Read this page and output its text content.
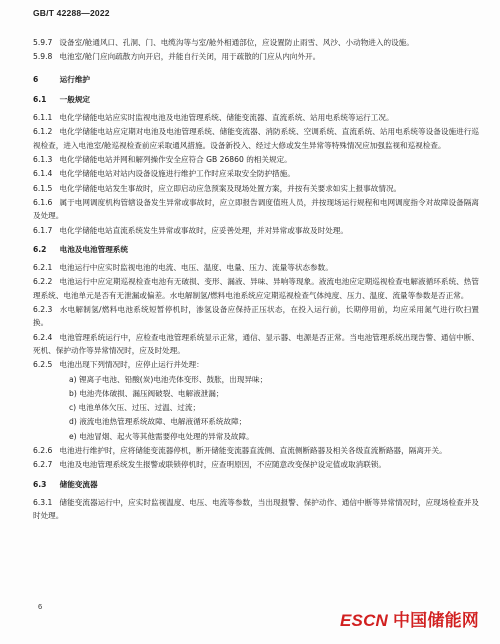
GB/T 42288—2022
5.9.7 设备室/舱通风口、孔洞、门、电缆沟等与室/舱外相通部位，应设置防止雨雪、风沙、小动物进入的设施。
5.9.8 电池室/舱门应向疏散方向开启，并能自行关闭，用于疏散的门应从内向外开。
6	运行维护
6.1 一般规定
6.1.1 电化学储能电站应实时监视电池及电池管理系统、储能变流器、直流系统、站用电系统等运行工况。
6.1.2 电化学储能电站应定期对电池及电池管理系统、储能变流器、消防系统、空调系统、直流系统、站用电系统等设备设施进行巡视检查，进入电池室/舱巡视检查前应采取通风措施。设备新投入、经过大修或发生异常等特殊情况应加强监视和巡视检查。
6.1.3 电化学储能电站并网和解列操作安全应符合 GB 26860 的相关规定。
6.1.4 电化学储能电站对站内设备设施进行维护工作时应采取安全防护措施。
6.1.5 电化学储能电站发生事故时，应立即启动应急预案及现场处置方案，并按有关要求如实上报事故情况。
6.1.6 属于电网调度机构管辖设备发生异常或事故时，应立即报告调度值班人员，并按现场运行规程和电网调度指令对故障设备隔离及处理。
6.1.7 电化学储能电站直流系统发生异常或事故时，应妥善处理，并对异常或事故及时处理。
6.2 电池及电池管理系统
6.2.1 电池运行中应实时监视电池的电流、电压、温度、电量、压力、流量等状态参数。
6.2.2 电池运行中应定期巡视检查电池有无破损、变形、漏液、异味、异响等现象。液流电池应定期巡视检查电解液循环系统、热管理系统、电池单元是否有无泄漏或偏差。水电解制氢/燃料电池系统应定期巡视检查气体纯度、压力、温度、流量等参数是否正常。
6.2.3 水电解制氢/燃料电池系统短暂停机时，渗氢设备应保持正压状态，在投入运行前，长期停用前，均应采用氮气进行吹扫置换。
6.2.4 电池管理系统运行中，应检查电池管理系统显示正常，通信、显示器、电源是否正常。当电池管理系统出现告警、通信中断、死机、保护动作等异常情况时，应及时处理。
6.2.5 电池出现下列情况时，应停止运行并处理：
a) 锂离子电池、铅酸(炭)电池壳体变形、鼓胀，出现异味；
b) 电池壳体破损、漏压阀破裂、电解液泄漏；
c) 电池单体欠压、过压、过温、过流；
d) 液流电池热管理系统故障、电解液循环系统故障；
e) 电池冒烟、起火等其他需要停电处理的异常及故障。
6.2.6 电池进行维护时，应将储能变流器停机，断开储能变流器直流侧、直流侧断路器及相关各级直流断路器，隔离开关。
6.2.7 电池及电池管理系统发生报警或联锁停机时，应查明原因，不应随意改变保护设定值或取消联锁。
6.3 储能变流器
6.3.1 储能变流器运行中，应实时监视温度、电压、电流等参数，当出现报警、保护动作、通信中断等异常情况时，应现场检查并及时处理。
6
ESCN 中国储能网
